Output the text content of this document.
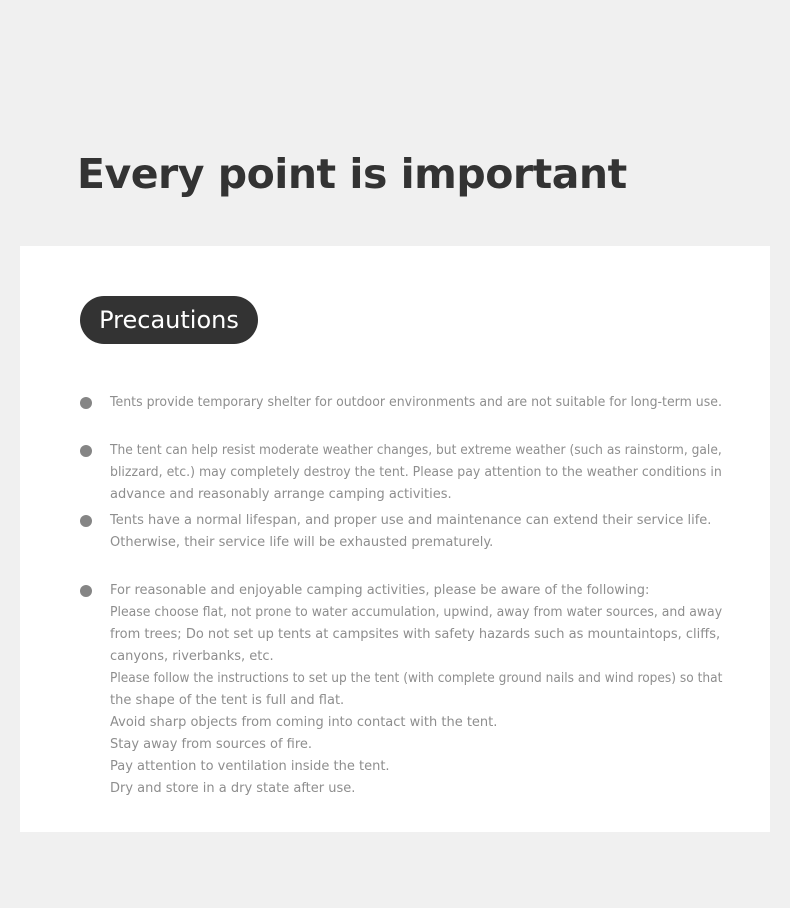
Every point is important
Precautions
Tents provide temporary shelter for outdoor environments and are not suitable for long-term use.
The tent can help resist moderate weather changes, but extreme weather (such as rainstorm, gale,
blizzard, etc.) may completely destroy the tent. Please pay attention to the weather conditions in
advance and reasonably arrange camping activities.
Tents have a normal lifespan, and proper use and maintenance can extend their service life.
Otherwise, their service life will be exhausted prematurely.
For reasonable and enjoyable camping activities, please be aware of the following:
Please choose flat, not prone to water accumulation, upwind, away from water sources, and away
from trees; Do not set up tents at campsites with safety hazards such as mountaintops, cliffs,
canyons, riverbanks, etc.
Please follow the instructions to set up the tent (with complete ground nails and wind ropes) so that
the shape of the tent is full and flat.
Avoid sharp objects from coming into contact with the tent.
Stay away from sources of fire.
Pay attention to ventilation inside the tent.
Dry and store in a dry state after use.
